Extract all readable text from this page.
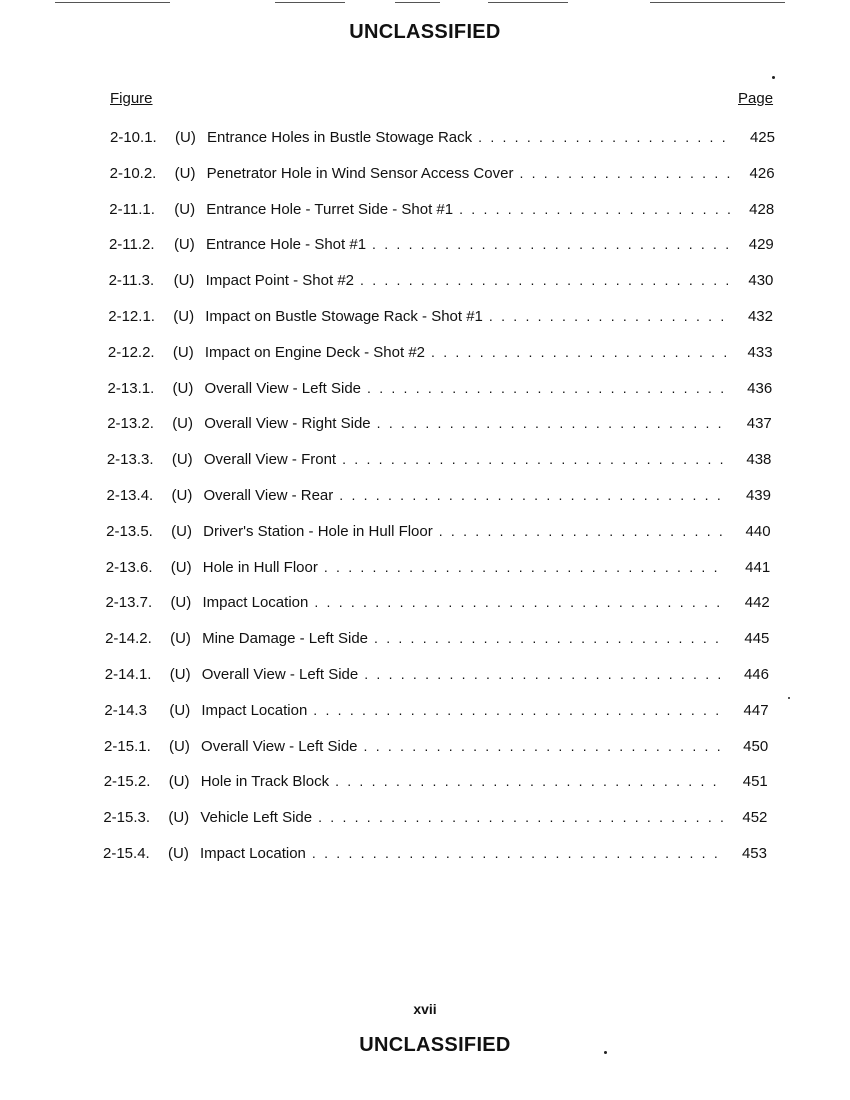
UNCLASSIFIED
Figure	Page
2-10.1.	(U) Entrance Holes in Bustle Stowage Rack . . .	425
2-10.2.	(U) Penetrator Hole in Wind Sensor Access Cover . . .	426
2-11.1.	(U) Entrance Hole - Turret Side - Shot #1 . . .	428
2-11.2.	(U) Entrance Hole - Shot #1 . . .	429
2-11.3.	(U) Impact Point - Shot #2 . . .	430
2-12.1.	(U) Impact on Bustle Stowage Rack - Shot #1 . . .	432
2-12.2.	(U) Impact on Engine Deck - Shot #2 . . .	433
2-13.1.	(U) Overall View - Left Side . . .	436
2-13.2.	(U) Overall View - Right Side . . .	437
2-13.3.	(U) Overall View - Front . . .	438
2-13.4.	(U) Overall View - Rear . . .	439
2-13.5.	(U) Driver's Station - Hole in Hull Floor . . .	440
2-13.6.	(U) Hole in Hull Floor . . .	441
2-13.7.	(U) Impact Location . . .	442
2-14.2.	(U) Mine Damage - Left Side . . .	445
2-14.1.	(U) Overall View - Left Side . . .	446
2-14.3	(U) Impact Location . . .	447
2-15.1.	(U) Overall View - Left Side . . .	450
2-15.2.	(U) Hole in Track Block . . .	451
2-15.3.	(U) Vehicle Left Side . . .	452
2-15.4.	(U) Impact Location . . .	453
xvii
UNCLASSIFIED
